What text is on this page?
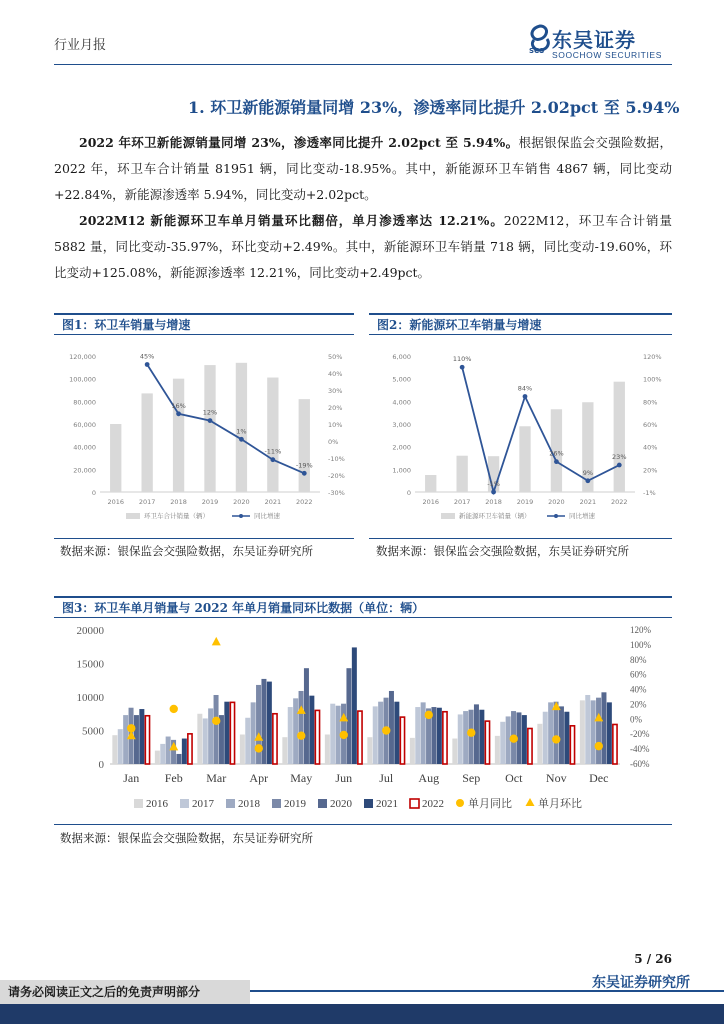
行业月报	SCS 东吴证券
SOOCHOW SECURITIES
1. 环卫新能源销量同增 23%，渗透率同比提升 2.02pct 至 5.94%
2022 年环卫新能源销量同增 23%，渗透率同比提升 2.02pct 至 5.94%。根据银保监会交强险数据，2022 年，环卫车合计销量 81951 辆，同比变动-18.95%。其中，新能源环卫车销售 4867 辆，同比变动+22.84%，新能源渗透率 5.94%，同比变动+2.02pct。
2022M12 新能源环卫车单月销量环比翻倍，单月渗透率达 12.21%。2022M12，环卫车合计销量 5882 量，同比变动-35.97%，环比变动+2.49%。其中，新能源环卫车销量 718 辆，同比变动-19.60%，环比变动+125.08%，新能源渗透率 12.21%，同比变动+2.49pct。
图1：环卫车销量与增速
0
20,000
40,000
60,000
80,000
100,000
120,000
-30%
-20%
-10%
0%
10%
20%
30%
40%
50%
2016 2017 2018 2019 2020 2021 2022
45%
16%
12%
1%
-11%
-19%
环卫车合计销量（辆）	同比增速
数据来源：银保监会交强险数据，东吴证券研究所
图2：新能源环卫车销量与增速
0
1,000
2,000
3,000
4,000
5,000
6,000
-1%
20%
40%
60%
80%
100%
120%
2016 2017 2018 2019 2020 2021 2022
110%
-1%
84%
26%
9%
23%
新能源环卫车销量（辆）	同比增速
数据来源：银保监会交强险数据，东吴证券研究所
图3：环卫车单月销量与 2022 年单月销量同环比数据（单位：辆）
0
5000
10000
15000
20000
-60%
-40%
-20%
0%
20%
40%
60%
80%
100%
120%
Jan Feb Mar Apr May Jun Jul Aug Sep Oct Nov Dec
2016 2017 2018 2019 2020 2021 2022 单月同比 单月环比
数据来源：银保监会交强险数据，东吴证券研究所
5 / 26
请务必阅读正文之后的免责声明部分
东吴证券研究所
